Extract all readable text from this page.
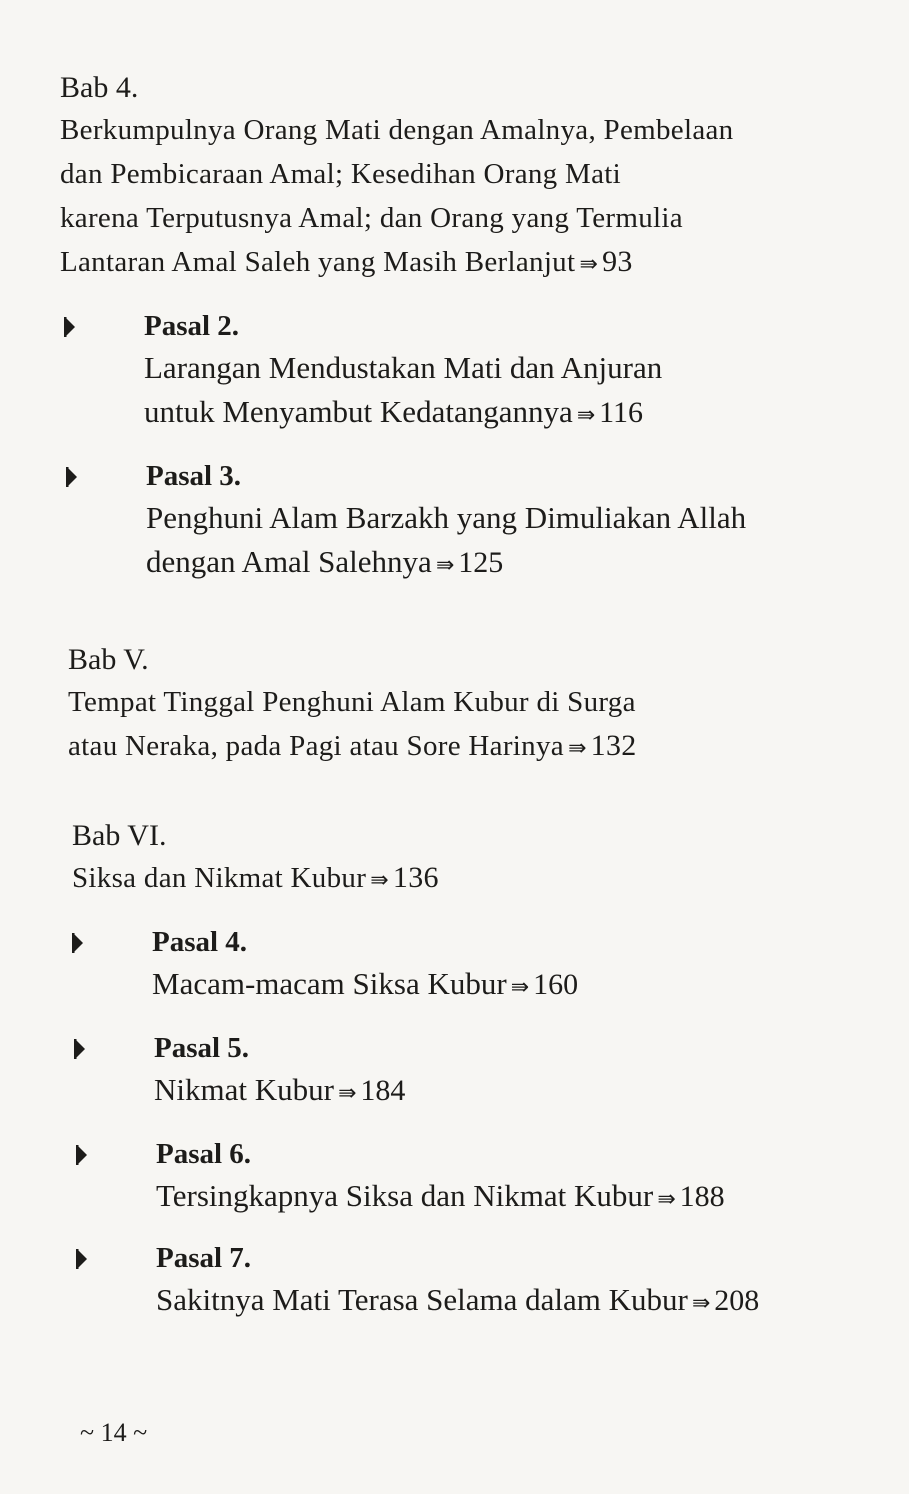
Bab 4.
Berkumpulnya Orang Mati dengan Amalnya, Pembelaan
dan Pembicaraan Amal; Kesedihan Orang Mati
karena Terputusnya Amal; dan Orang yang Termulia
Lantaran Amal Saleh yang Masih Berlanjut ⇛ 93
Pasal 2.
Larangan Mendustakan Mati dan Anjuran
untuk Menyambut Kedatangannya ⇛ 116
Pasal 3.
Penghuni Alam Barzakh yang Dimuliakan Allah
dengan Amal Salehnya ⇛ 125
Bab V.
Tempat Tinggal Penghuni Alam Kubur di Surga
atau Neraka, pada Pagi atau Sore Harinya ⇛ 132
Bab VI.
Siksa dan Nikmat Kubur ⇛ 136
Pasal 4.
Macam-macam Siksa Kubur ⇛ 160
Pasal 5.
Nikmat Kubur ⇛ 184
Pasal 6.
Tersingkapnya Siksa dan Nikmat Kubur ⇛ 188
Pasal 7.
Sakitnya Mati Terasa Selama dalam Kubur ⇛ 208
~ 14 ~
